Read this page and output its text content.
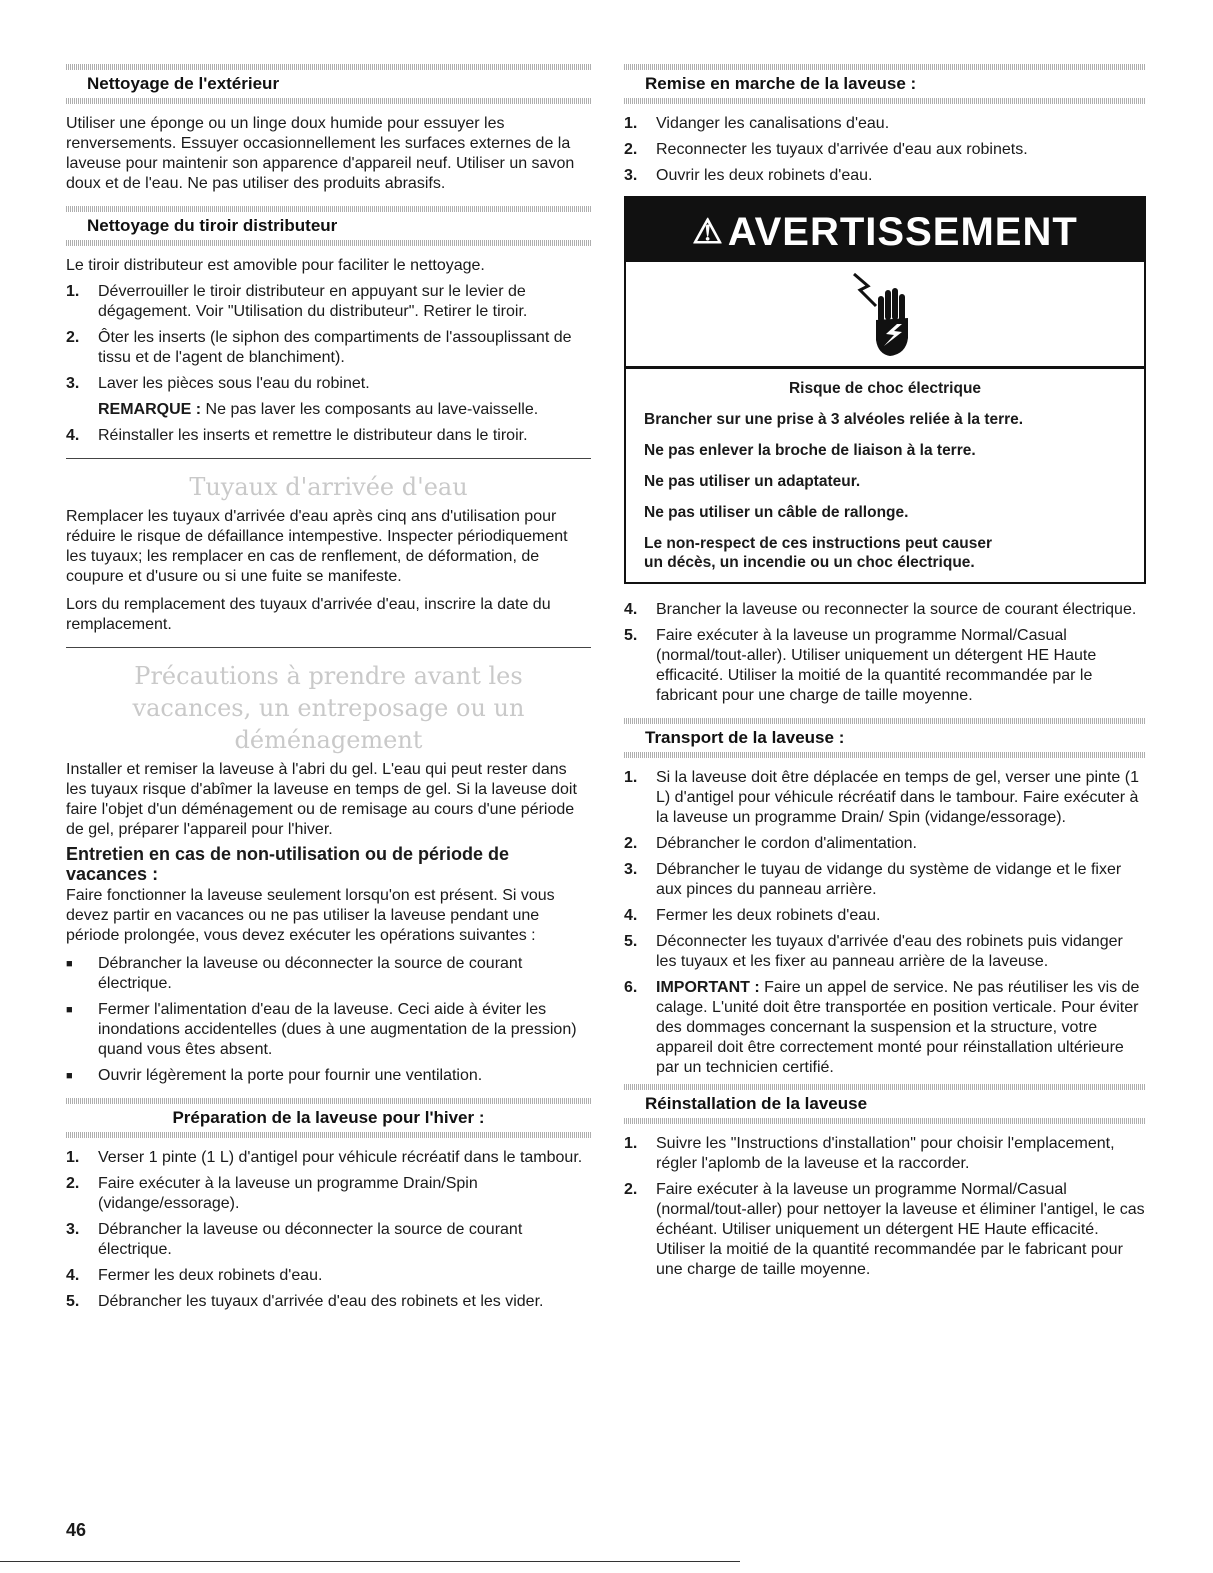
Nettoyage de l'extérieur

Utiliser une éponge ou un linge doux humide pour essuyer les renversements. Essuyer occasionnellement les surfaces externes de la laveuse pour maintenir son apparence d'appareil neuf. Utiliser un savon doux et de l'eau. Ne pas utiliser des produits abrasifs.

Nettoyage du tiroir distributeur

Le tiroir distributeur est amovible pour faciliter le nettoyage.

1.	Déverrouiller le tiroir distributeur en appuyant sur le levier de dégagement. Voir "Utilisation du distributeur". Retirer le tiroir.
2.	Ôter les inserts (le siphon des compartiments de l'assouplissant de tissu et de l'agent de blanchiment).
3.	Laver les pièces sous l'eau du robinet.

REMARQUE : Ne pas laver les composants au lave-vaisselle.

4.	Réinstaller les inserts et remettre le distributeur dans le tiroir.
Tuyaux d'arrivée d'eau

Remplacer les tuyaux d'arrivée d'eau après cinq ans d'utilisation pour réduire le risque de défaillance intempestive. Inspecter périodiquement les tuyaux; les remplacer en cas de renflement, de déformation, de coupure et d'usure ou si une fuite se manifeste.

Lors du remplacement des tuyaux d'arrivée d'eau, inscrire la date du remplacement.

Précautions à prendre avant les vacances, un entreposage ou un déménagement

Installer et remiser la laveuse à l'abri du gel. L'eau qui peut rester dans les tuyaux risque d'abîmer la laveuse en temps de gel. Si la laveuse doit faire l'objet d'un déménagement ou de remisage au cours d'une période de gel, préparer l'appareil pour l'hiver.

Entretien en cas de non-utilisation ou de période de vacances :

Faire fonctionner la laveuse seulement lorsqu'on est présent. Si vous devez partir en vacances ou ne pas utiliser la laveuse pendant une période prolongée, vous devez exécuter les opérations suivantes :

■	Débrancher la laveuse ou déconnecter la source de courant électrique.
■	Fermer l'alimentation d'eau de la laveuse. Ceci aide à éviter les inondations accidentelles (dues à une augmentation de la pression) quand vous êtes absent.
■	Ouvrir légèrement la porte pour fournir une ventilation.
Préparation de la laveuse pour l'hiver :
1.	Verser 1 pinte (1 L) d'antigel pour véhicule récréatif dans le tambour.
2.	Faire exécuter à la laveuse un programme Drain/Spin (vidange/essorage).
3.	Débrancher la laveuse ou déconnecter la source de courant électrique.
4.	Fermer les deux robinets d'eau.
5.	Débrancher les tuyaux d'arrivée d'eau des robinets et les vider.
Remise en marche de la laveuse :
1.	Vidanger les canalisations d'eau.
2.	Reconnecter les tuyaux d'arrivée d'eau aux robinets.
3.	Ouvrir les deux robinets d'eau.
⚠ AVERTISSEMENT
Risque de choc électrique
Brancher sur une prise à 3 alvéoles reliée à la terre.
Ne pas enlever la broche de liaison à la terre.
Ne pas utiliser un adaptateur.
Ne pas utiliser un câble de rallonge.
Le non-respect de ces instructions peut causer
un décès, un incendie ou un choc électrique.
4.	Brancher la laveuse ou reconnecter la source de courant électrique.
5.	Faire exécuter à la laveuse un programme Normal/Casual (normal/tout-aller). Utiliser uniquement un détergent HE Haute efficacité. Utiliser la moitié de la quantité recommandée par le fabricant pour une charge de taille moyenne.
Transport de la laveuse :
1.	Si la laveuse doit être déplacée en temps de gel, verser une pinte (1 L) d'antigel pour véhicule récréatif dans le tambour. Faire exécuter à la laveuse un programme Drain/ Spin (vidange/essorage).
2.	Débrancher le cordon d'alimentation.
3.	Débrancher le tuyau de vidange du système de vidange et le fixer aux pinces du panneau arrière.
4.	Fermer les deux robinets d'eau.
5.	Déconnecter les tuyaux d'arrivée d'eau des robinets puis vidanger les tuyaux et les fixer au panneau arrière de la laveuse.
6.	IMPORTANT : Faire un appel de service. Ne pas réutiliser les vis de calage. L'unité doit être transportée en position verticale. Pour éviter des dommages concernant la suspension et la structure, votre appareil doit être correctement monté pour réinstallation ultérieure par un technicien certifié.
Réinstallation de la laveuse
1.	Suivre les "Instructions d'installation" pour choisir l'emplacement, régler l'aplomb de la laveuse et la raccorder.
2.	Faire exécuter à la laveuse un programme Normal/Casual (normal/tout-aller) pour nettoyer la laveuse et éliminer l'antigel, le cas échéant. Utiliser uniquement un détergent HE Haute efficacité. Utiliser la moitié de la quantité recommandée par le fabricant pour une charge de taille moyenne.
46
